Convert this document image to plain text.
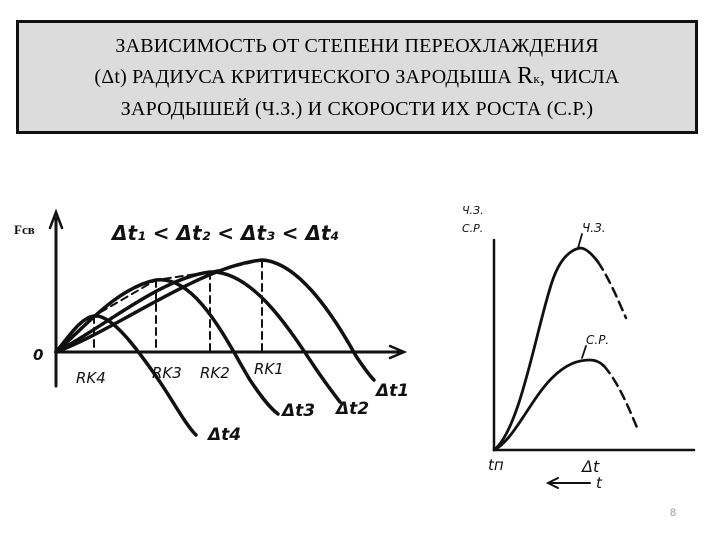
ЗАВИСИМОСТЬ ОТ СТЕПЕНИ ПЕРЕОХЛАЖДЕНИЯ
(Δt) РАДИУСА КРИТИЧЕСКОГО ЗАРОДЫША Rк, ЧИСЛА
ЗАРОДЫШЕЙ (Ч.З.) И СКОРОСТИ ИХ РОСТА (С.Р.)
Fсв
0
Δt₁ < Δt₂ < Δt₃ < Δt₄
RK4	RK3 RK2 RK1
Δt1
Δt2
Δt3
Δt4
Ч.З.
С.Р.	Ч.З.
С.Р.
tп	Δt
t
8
